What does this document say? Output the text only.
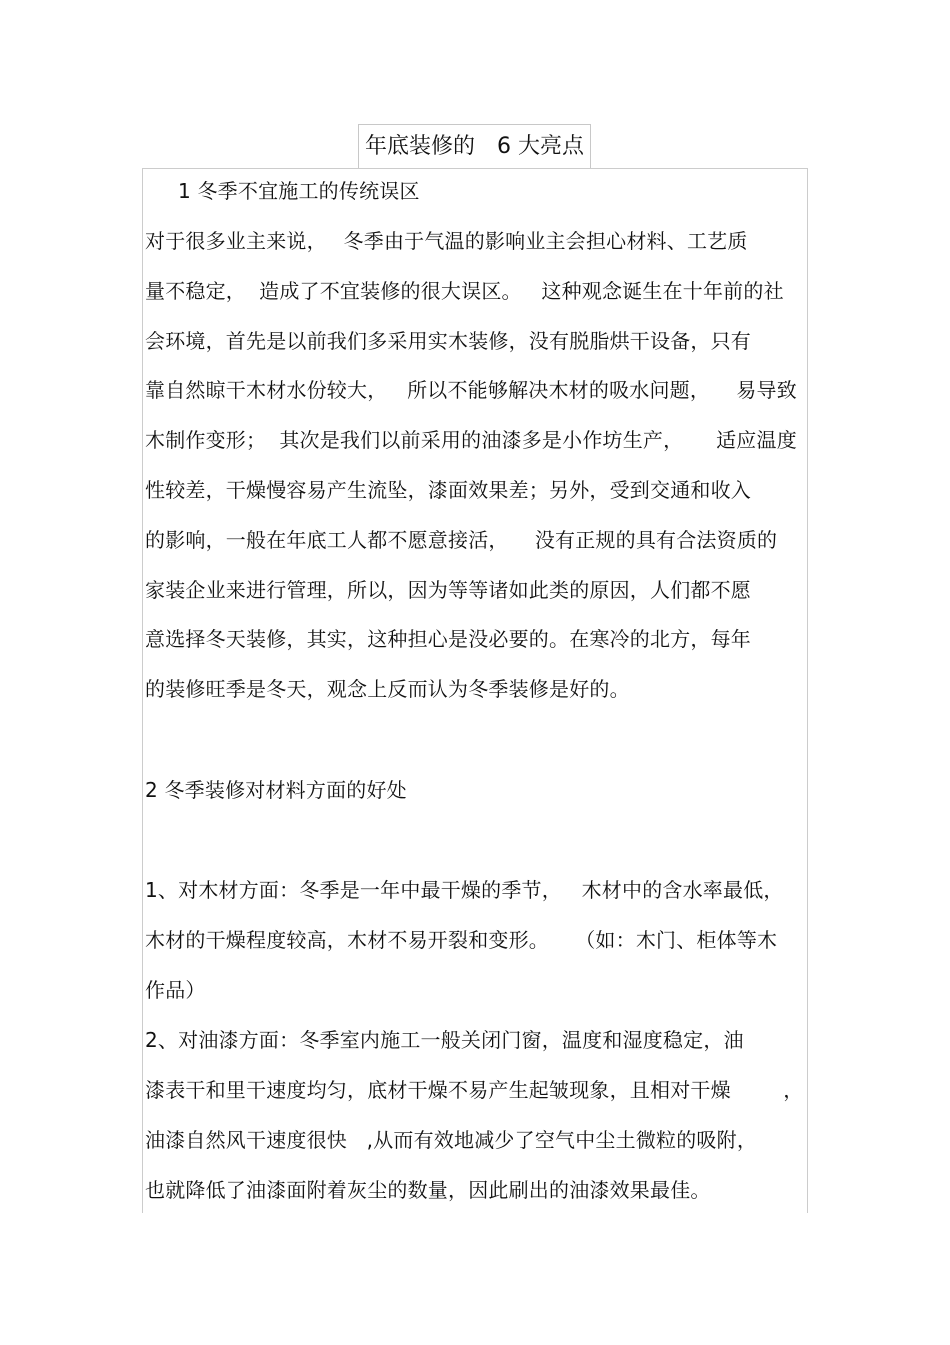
年底装修的　6 大亮点
1 冬季不宜施工的传统误区
对于很多业主来说，　 冬季由于气温的影响业主会担心材料、工艺质
量不稳定，  造成了不宜装修的很大误区。   这种观念诞生在十年前的社
会环境，首先是以前我们多采用实木装修，没有脱脂烘干设备，只有
靠自然晾干木材水份较大，   所以不能够解决木材的吸水问题，    易导致
木制作变形；  其次是我们以前采用的油漆多是小作坊生产，     适应温度
性较差，干燥慢容易产生流坠，漆面效果差；另外，受到交通和收入
的影响，一般在年底工人都不愿意接活，    没有正规的具有合法资质的
家装企业来进行管理，所以，因为等等诸如此类的原因，人们都不愿
意选择冬天装修，其实，这种担心是没必要的。在寒冷的北方，每年
的装修旺季是冬天，观念上反而认为冬季装修是好的。
2 冬季装修对材料方面的好处
1、对木材方面：冬季是一年中最干燥的季节，   木材中的含水率最低，
木材的干燥程度较高，木材不易开裂和变形。    （如：木门、柜体等木
作品）
2、对油漆方面：冬季室内施工一般关闭门窗，温度和湿度稳定，油
漆表干和里干速度均匀，底材干燥不易产生起皱现象，且相对干燥        ，
油漆自然风干速度很快   ,从而有效地减少了空气中尘土微粒的吸附，
也就降低了油漆面附着灰尘的数量，因此刷出的油漆效果最佳。
